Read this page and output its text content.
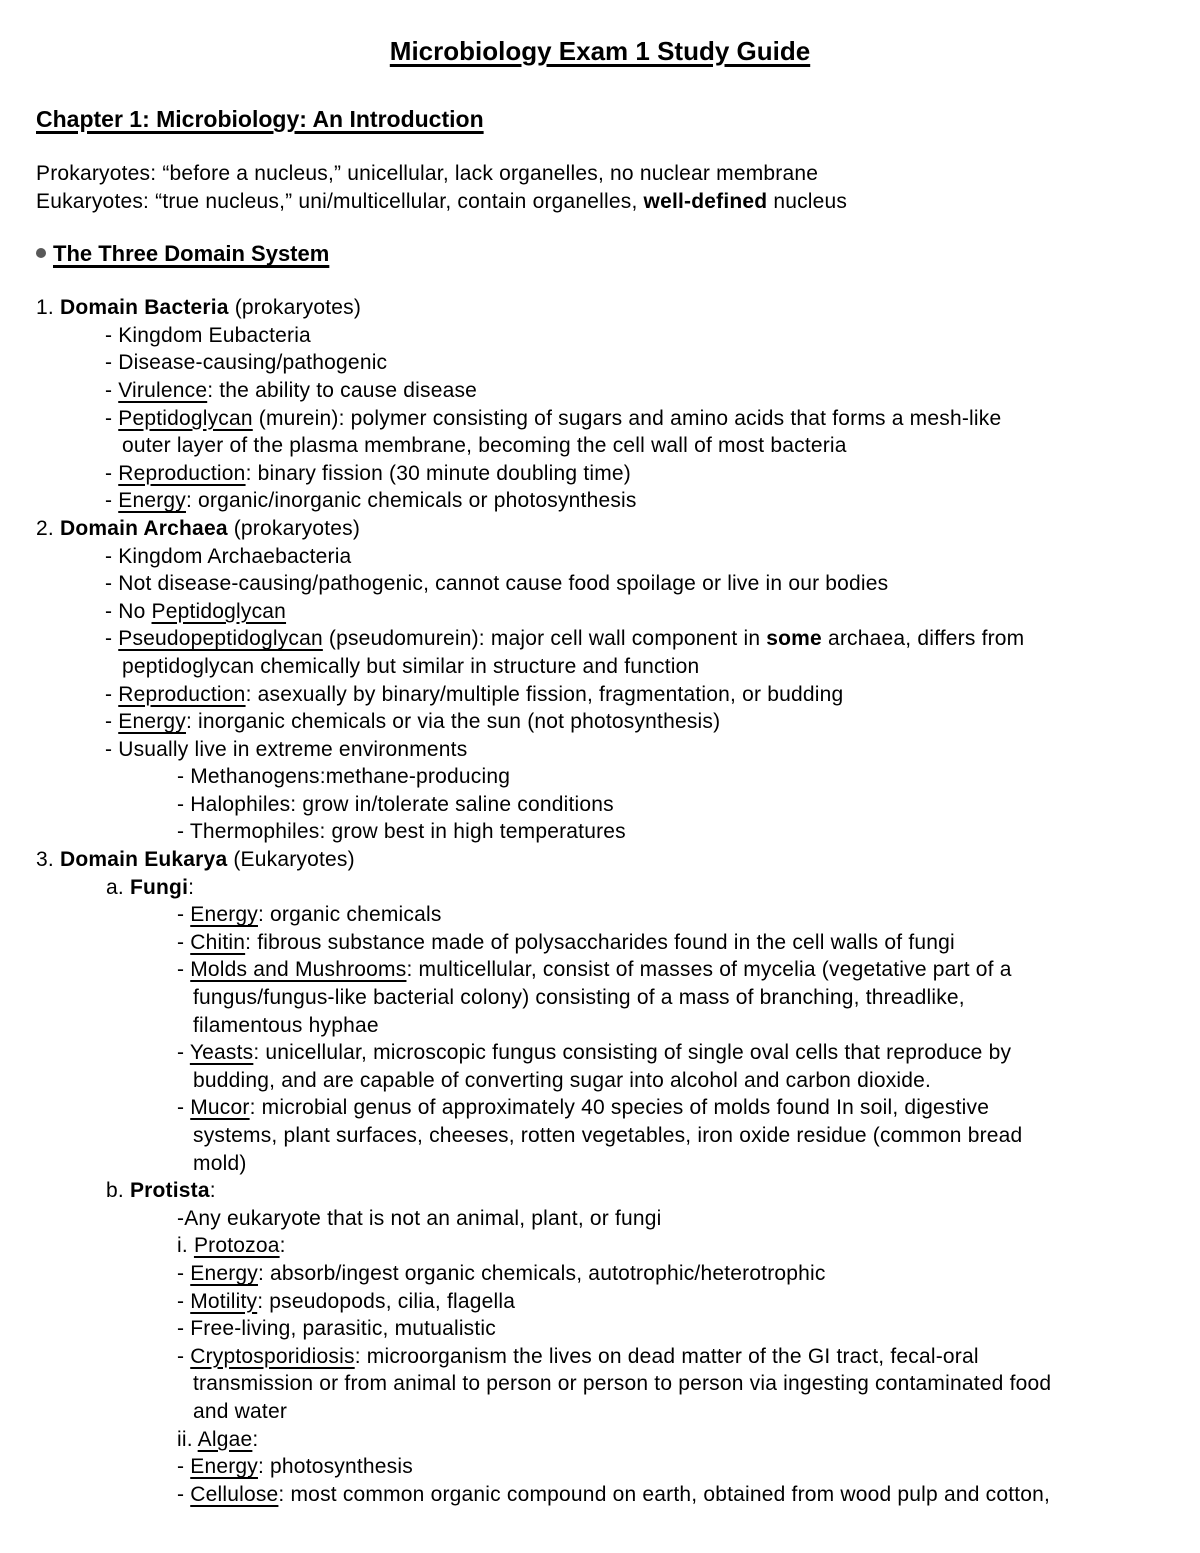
Microbiology Exam 1 Study Guide
Chapter 1: Microbiology: An Introduction
Prokaryotes: “before a nucleus,” unicellular, lack organelles, no nuclear membrane
Eukaryotes: “true nucleus,” uni/multicellular, contain organelles, well-defined nucleus
The Three Domain System
1. Domain Bacteria (prokaryotes)
- Kingdom Eubacteria
- Disease-causing/pathogenic
- Virulence: the ability to cause disease
- Peptidoglycan (murein): polymer consisting of sugars and amino acids that forms a mesh-like
outer layer of the plasma membrane, becoming the cell wall of most bacteria
- Reproduction: binary fission (30 minute doubling time)
- Energy: organic/inorganic chemicals or photosynthesis
2. Domain Archaea (prokaryotes)
- Kingdom Archaebacteria
- Not disease-causing/pathogenic, cannot cause food spoilage or live in our bodies
- No Peptidoglycan
- Pseudopeptidoglycan (pseudomurein): major cell wall component in some archaea, differs from
peptidoglycan chemically but similar in structure and function
- Reproduction: asexually by binary/multiple fission, fragmentation, or budding
- Energy: inorganic chemicals or via the sun (not photosynthesis)
- Usually live in extreme environments
- Methanogens:methane-producing
- Halophiles: grow in/tolerate saline conditions
- Thermophiles: grow best in high temperatures
3. Domain Eukarya (Eukaryotes)
a. Fungi:
- Energy: organic chemicals
- Chitin: fibrous substance made of polysaccharides found in the cell walls of fungi
- Molds and Mushrooms: multicellular, consist of masses of mycelia (vegetative part of a
fungus/fungus-like bacterial colony) consisting of a mass of branching, threadlike,
filamentous hyphae
- Yeasts: unicellular, microscopic fungus consisting of single oval cells that reproduce by
budding, and are capable of converting sugar into alcohol and carbon dioxide.
- Mucor: microbial genus of approximately 40 species of molds found In soil, digestive
systems, plant surfaces, cheeses, rotten vegetables, iron oxide residue (common bread
mold)
b. Protista:
-Any eukaryote that is not an animal, plant, or fungi
i. Protozoa:
- Energy: absorb/ingest organic chemicals, autotrophic/heterotrophic
- Motility: pseudopods, cilia, flagella
- Free-living, parasitic, mutualistic
- Cryptosporidiosis: microorganism the lives on dead matter of the GI tract, fecal-oral
transmission or from animal to person or person to person via ingesting contaminated food
and water
ii. Algae:
- Energy: photosynthesis
- Cellulose: most common organic compound on earth, obtained from wood pulp and cotton,
